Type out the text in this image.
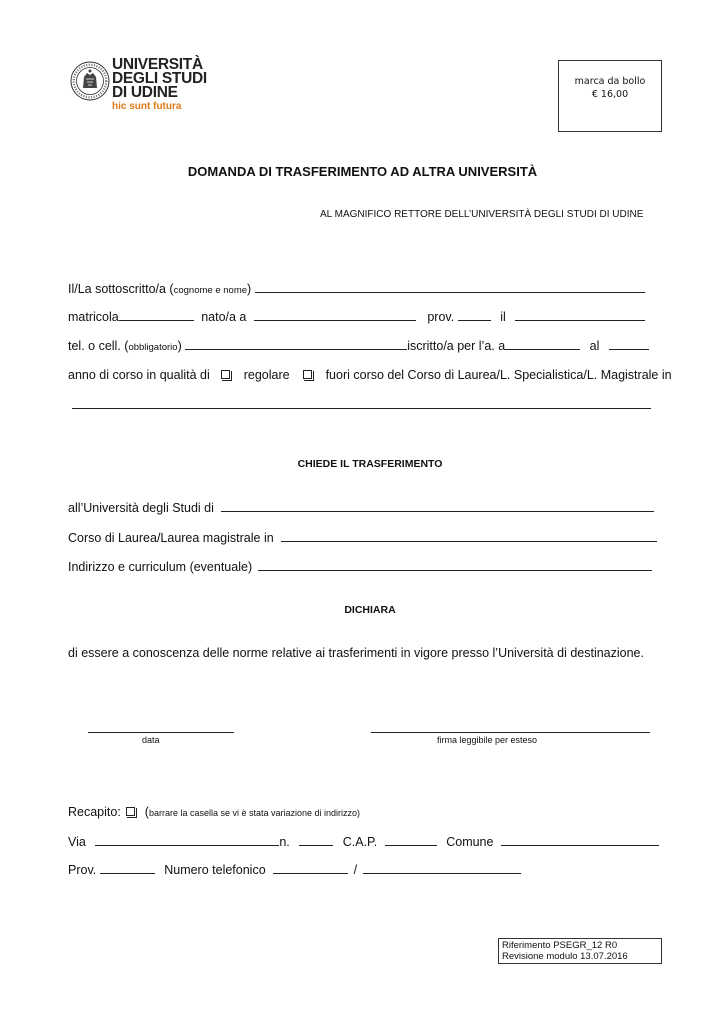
UNIVERSITÀ
DEGLI STUDI
DI UDINE
hic sunt futura
marca da bollo
€ 16,00
DOMANDA DI TRASFERIMENTO AD ALTRA UNIVERSITÀ
AL MAGNIFICO RETTORE DELL’UNIVERSITÀ DEGLI STUDI DI UDINE
Il/La sottoscritto/a (cognome e nome)
matricola	nato/a a	prov.	il
tel. o cell. (obbligatorio)	iscritto/a per l’a. a	al
anno di corso in qualità di	regolare	fuori corso del Corso di Laurea/L. Specialistica/L. Magistrale in
CHIEDE IL TRASFERIMENTO
all’Università degli Studi di
Corso di Laurea/Laurea magistrale in
Indirizzo e curriculum (eventuale)
DICHIARA
di essere a conoscenza delle norme relative ai trasferimenti in vigore presso l’Università di destinazione.
data	firma leggibile per esteso
Recapito: (barrare la casella se vi è stata variazione di indirizzo)
Via	n.	C.A.P.	Comune
Prov.	Numero telefonico	/
Riferimento PSEGR_12 R0
Revisione modulo 13.07.2016
